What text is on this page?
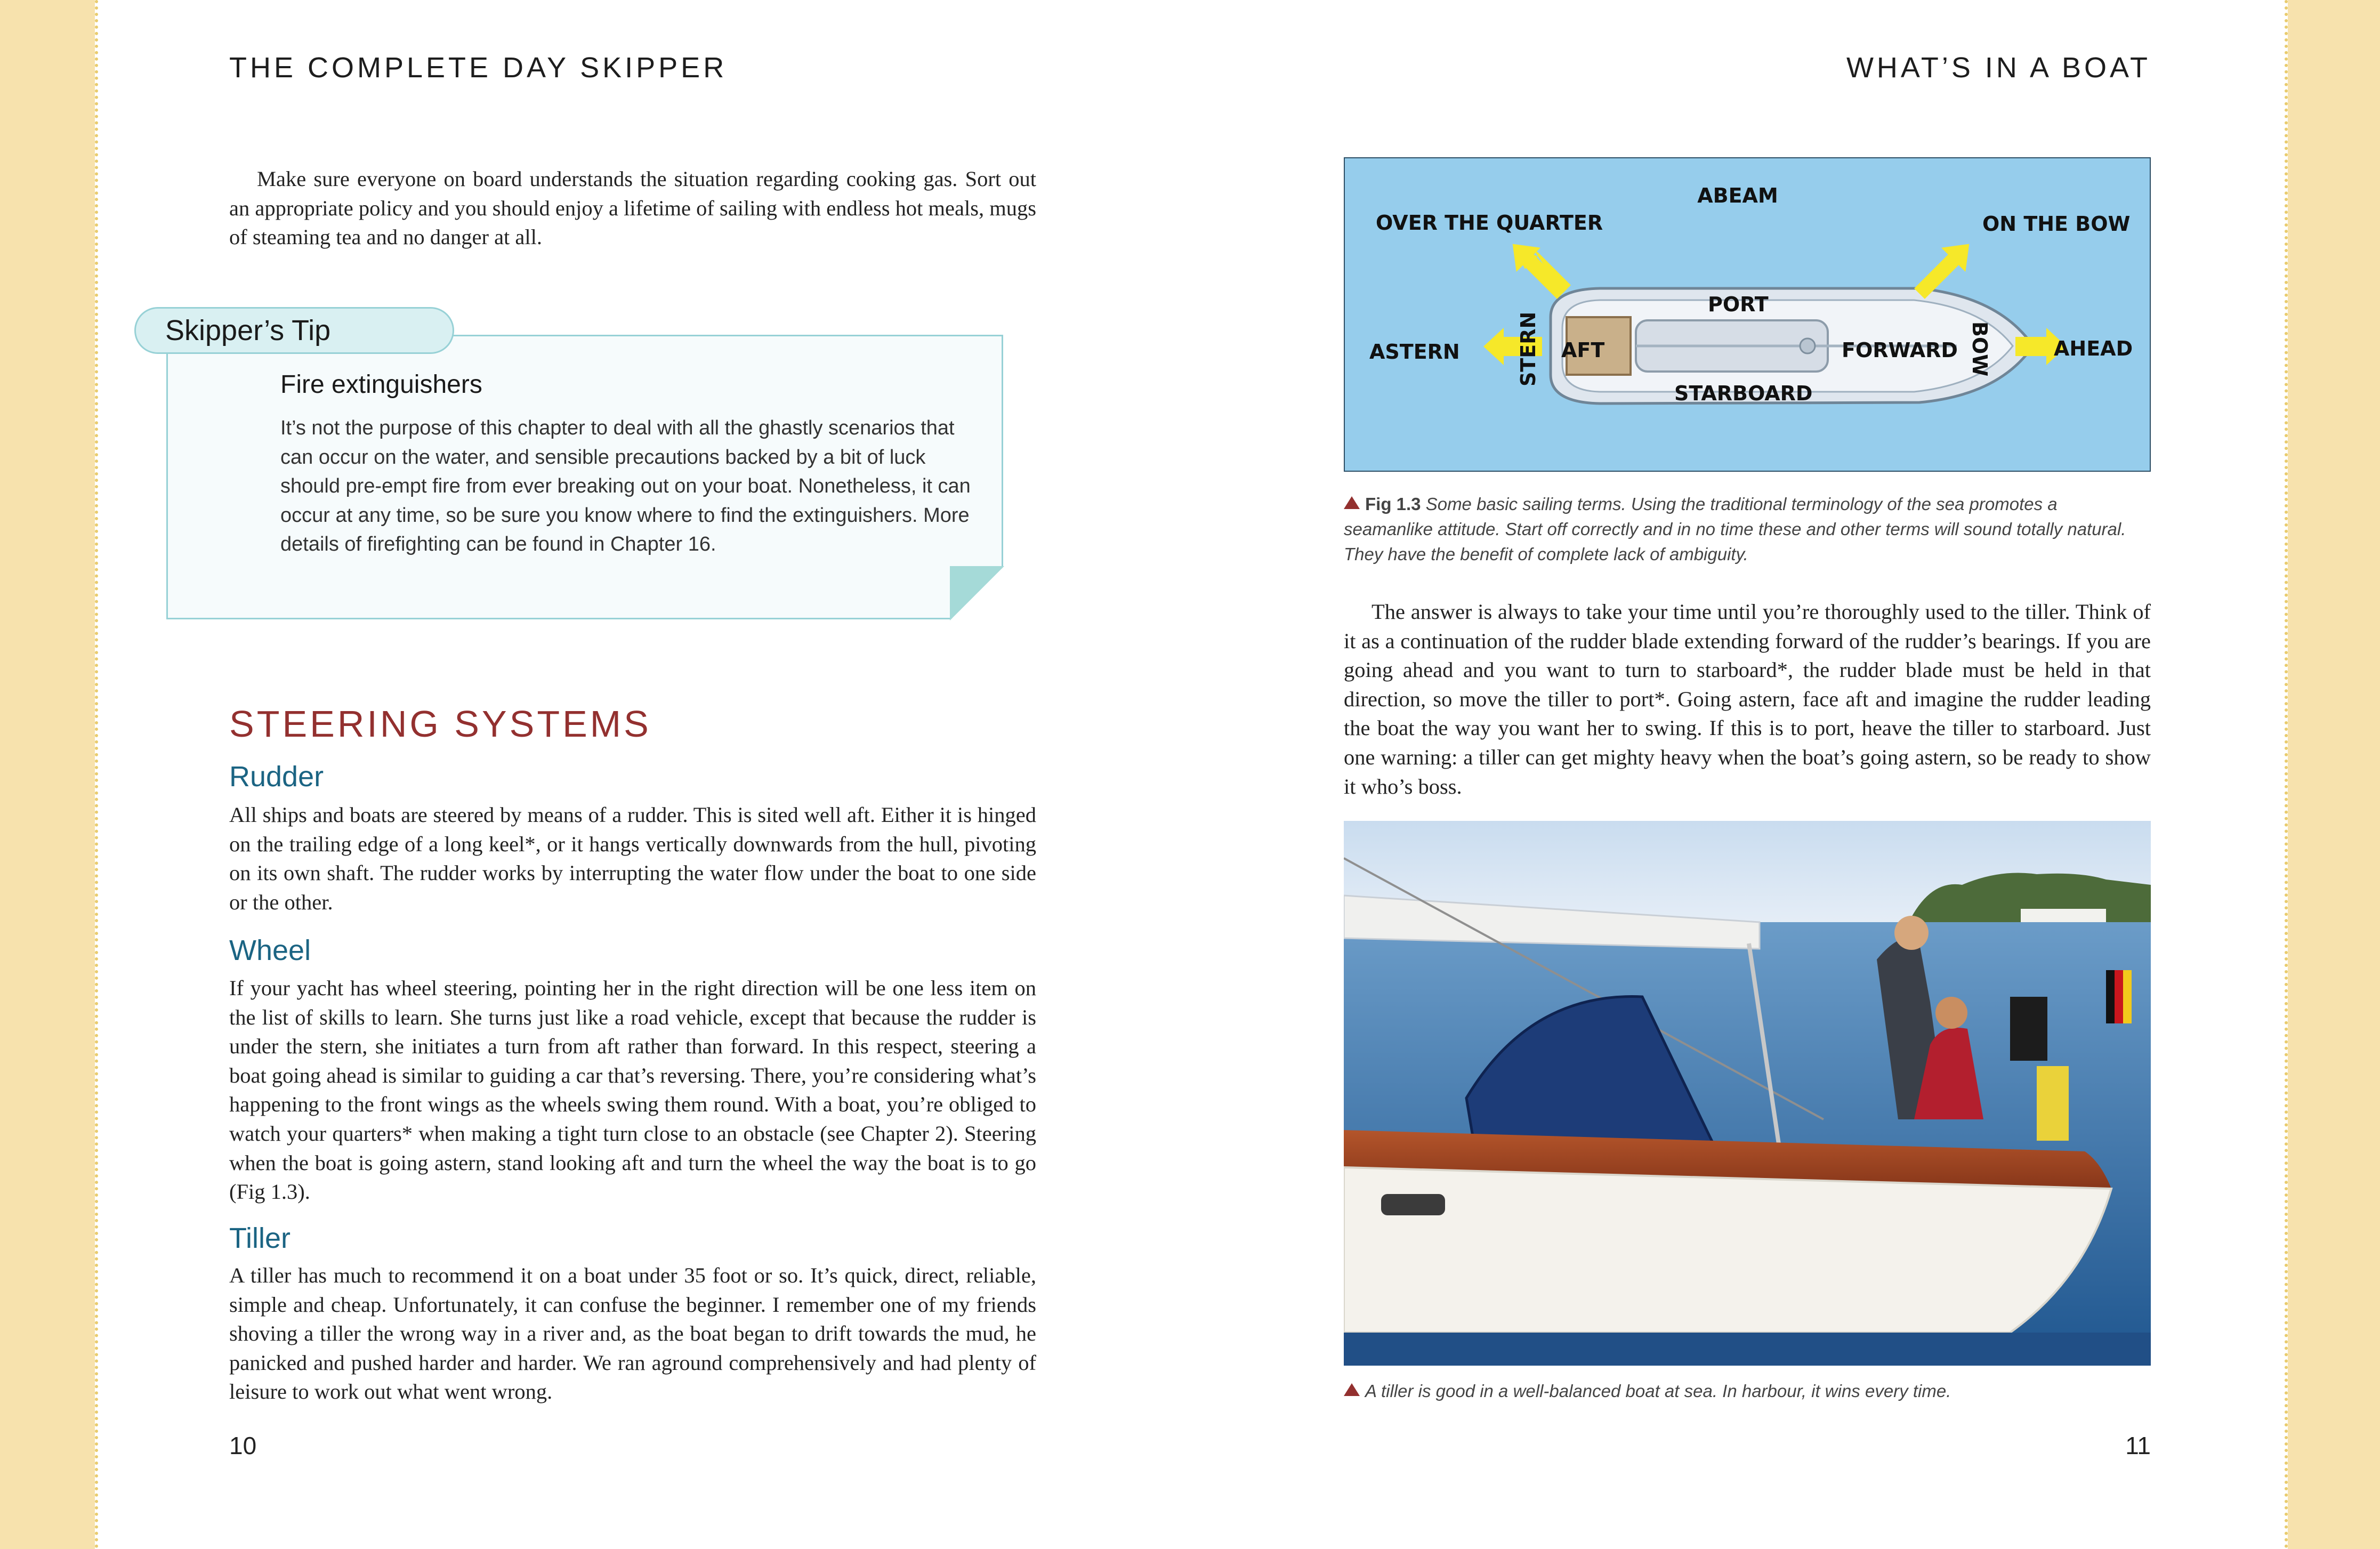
THE COMPLETE DAY SKIPPER
Make sure everyone on board understands the situation regarding cooking gas. Sort out an appropriate policy and you should enjoy a lifetime of sailing with endless hot meals, mugs of steaming tea and no danger at all.
Skipper’s Tip
Fire extinguishers
It’s not the purpose of this chapter to deal with all the ghastly scenarios that can occur on the water, and sensible precautions backed by a bit of luck should pre-empt fire from ever breaking out on your boat. Nonetheless, it can occur at any time, so be sure you know where to find the extinguishers. More details of firefighting can be found in Chapter 16.
STEERING SYSTEMS
Rudder
All ships and boats are steered by means of a rudder. This is sited well aft. Either it is hinged on the trailing edge of a long keel*, or it hangs vertically downwards from the hull, pivoting on its own shaft. The rudder works by interrupting the water flow under the boat to one side or the other.
Wheel
If your yacht has wheel steering, pointing her in the right direction will be one less item on the list of skills to learn. She turns just like a road vehicle, except that because the rudder is under the stern, she initiates a turn from aft rather than forward. In this respect, steering a boat going ahead is similar to guiding a car that’s reversing. There, you’re considering what’s happening to the front wings as the wheels swing them round. With a boat, you’re obliged to watch your quarters* when making a tight turn close to an obstacle (see Chapter 2). Steering when the boat is going astern, stand looking aft and turn the wheel the way the boat is to go (Fig 1.3).
Tiller
A tiller has much to recommend it on a boat under 35 foot or so. It’s quick, direct, reliable, simple and cheap. Unfortunately, it can confuse the beginner. I remember one of my friends shoving a tiller the wrong way in a river and, as the boat began to drift towards the mud, he panicked and pushed harder and harder. We ran aground comprehensively and had plenty of leisure to work out what went wrong.
10
WHAT’S IN A BOAT
ABEAM
OVER THE QUARTER	ON THE BOW
PORT
ASTERN	STERN AFT	FORWARD BOW	AHEAD
STARBOARD
Fig 1.3 Some basic sailing terms. Using the traditional terminology of the sea promotes a seamanlike attitude. Start off correctly and in no time these and other terms will sound totally natural. They have the benefit of complete lack of ambiguity.
The answer is always to take your time until you’re thoroughly used to the tiller. Think of it as a continuation of the rudder blade extending forward of the rudder’s bearings. If you are going ahead and you want to turn to starboard*, the rudder blade must be held in that direction, so move the tiller to port*. Going astern, face aft and imagine the rudder leading the boat the way you want her to swing. If this is to port, heave the tiller to starboard. Just one warning: a tiller can get mighty heavy when the boat’s going astern, so be ready to show it who’s boss.
A tiller is good in a well-balanced boat at sea. In harbour, it wins every time.
11
